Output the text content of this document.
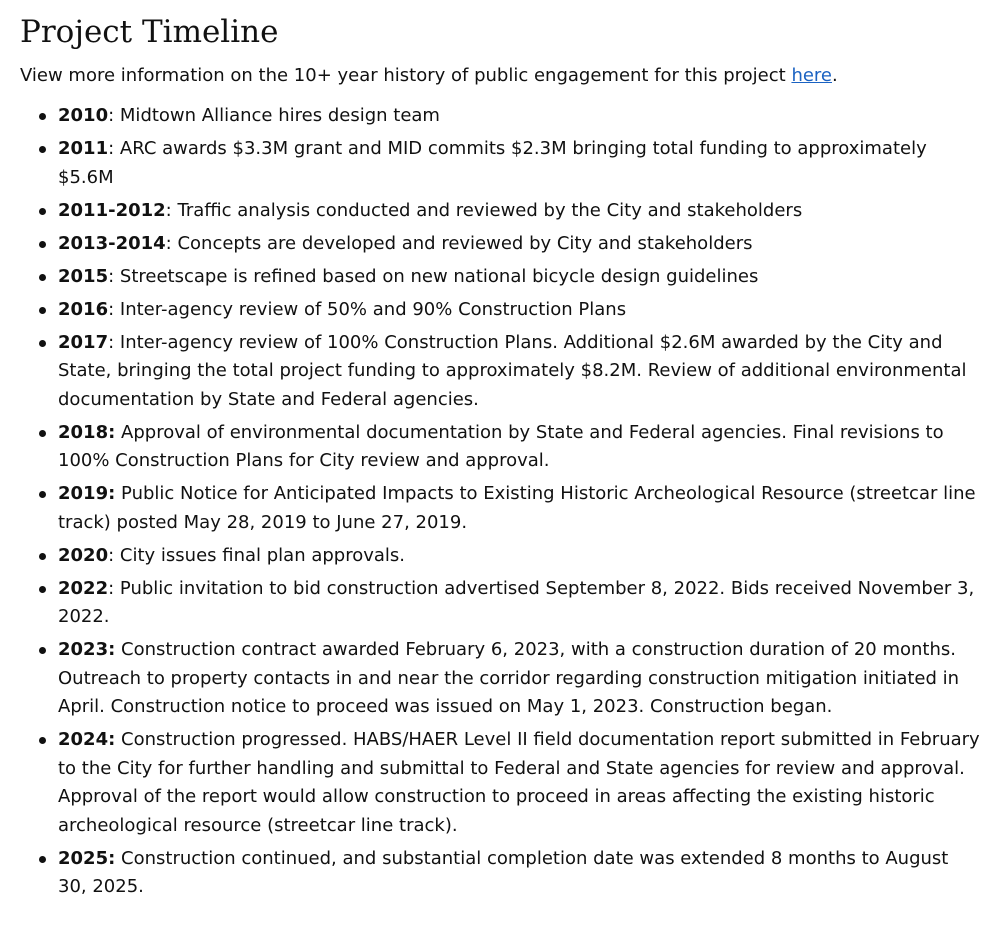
Project Timeline

View more information on the 10+ year history of public engagement for this project here.

2010: Midtown Alliance hires design team
2011: ARC awards $3.3M grant and MID commits $2.3M bringing total funding to approximately $5.6M
2011-2012: Traffic analysis conducted and reviewed by the City and stakeholders
2013-2014: Concepts are developed and reviewed by City and stakeholders
2015: Streetscape is refined based on new national bicycle design guidelines
2016: Inter-agency review of 50% and 90% Construction Plans
2017: Inter-agency review of 100% Construction Plans. Additional $2.6M awarded by the City and State, bringing the total project funding to approximately $8.2M. Review of additional environmental documentation by State and Federal agencies.
2018: Approval of environmental documentation by State and Federal agencies. Final revisions to 100% Construction Plans for City review and approval.
2019: Public Notice for Anticipated Impacts to Existing Historic Archeological Resource (streetcar line track) posted May 28, 2019 to June 27, 2019.
2020: City issues final plan approvals.
2022: Public invitation to bid construction advertised September 8, 2022. Bids received November 3, 2022.
2023: Construction contract awarded February 6, 2023, with a construction duration of 20 months. Outreach to property contacts in and near the corridor regarding construction mitigation initiated in April. Construction notice to proceed was issued on May 1, 2023. Construction began.
2024: Construction progressed. HABS/HAER Level II field documentation report submitted in February to the City for further handling and submittal to Federal and State agencies for review and approval. Approval of the report would allow construction to proceed in areas affecting the existing historic archeological resource (streetcar line track).
2025: Construction continued, and substantial completion date was extended 8 months to August 30, 2025.
